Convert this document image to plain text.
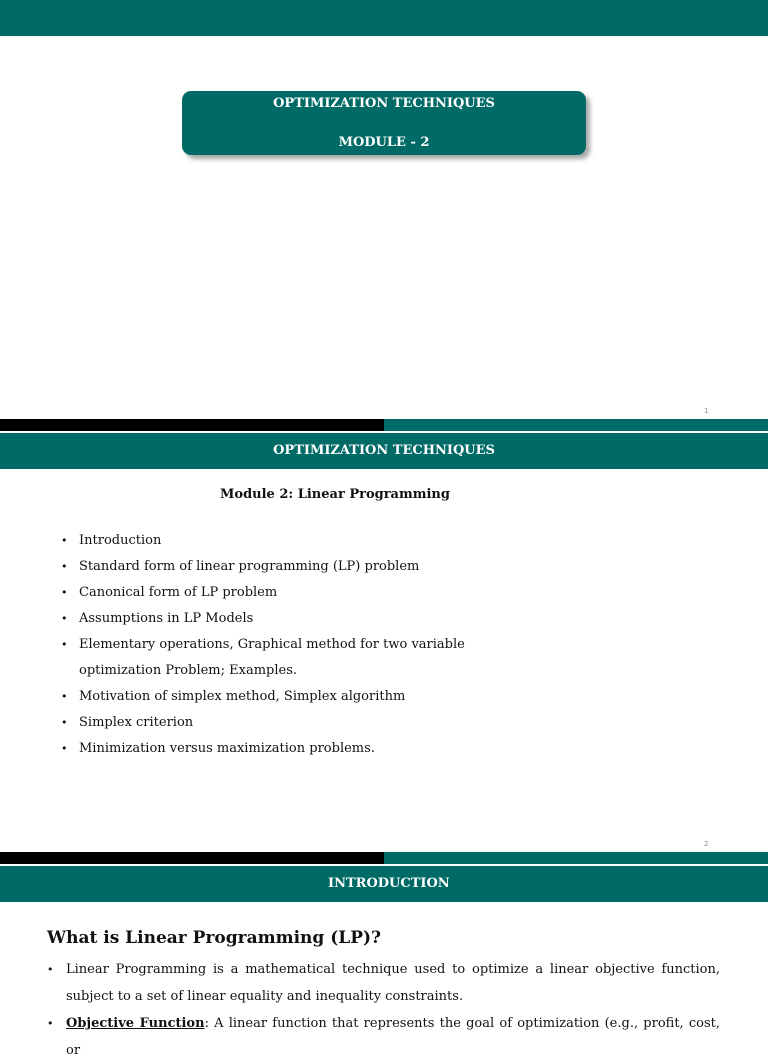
OPTIMIZATION TECHNIQUES
MODULE - 2
1
OPTIMIZATION TECHNIQUES
Module 2: Linear Programming
• Introduction
• Standard form of linear programming (LP) problem
• Canonical form of LP problem
• Assumptions in LP Models
• Elementary operations, Graphical method for two variable optimization Problem; Examples.
• Motivation of simplex method, Simplex algorithm
• Simplex criterion
• Minimization versus maximization problems.
2
INTRODUCTION
What is Linear Programming (LP)?
• Linear Programming is a mathematical technique used to optimize a linear objective function, subject to a set of linear equality and inequality constraints.
• Objective Function: A linear function that represents the goal of optimization (e.g., profit, cost, or
